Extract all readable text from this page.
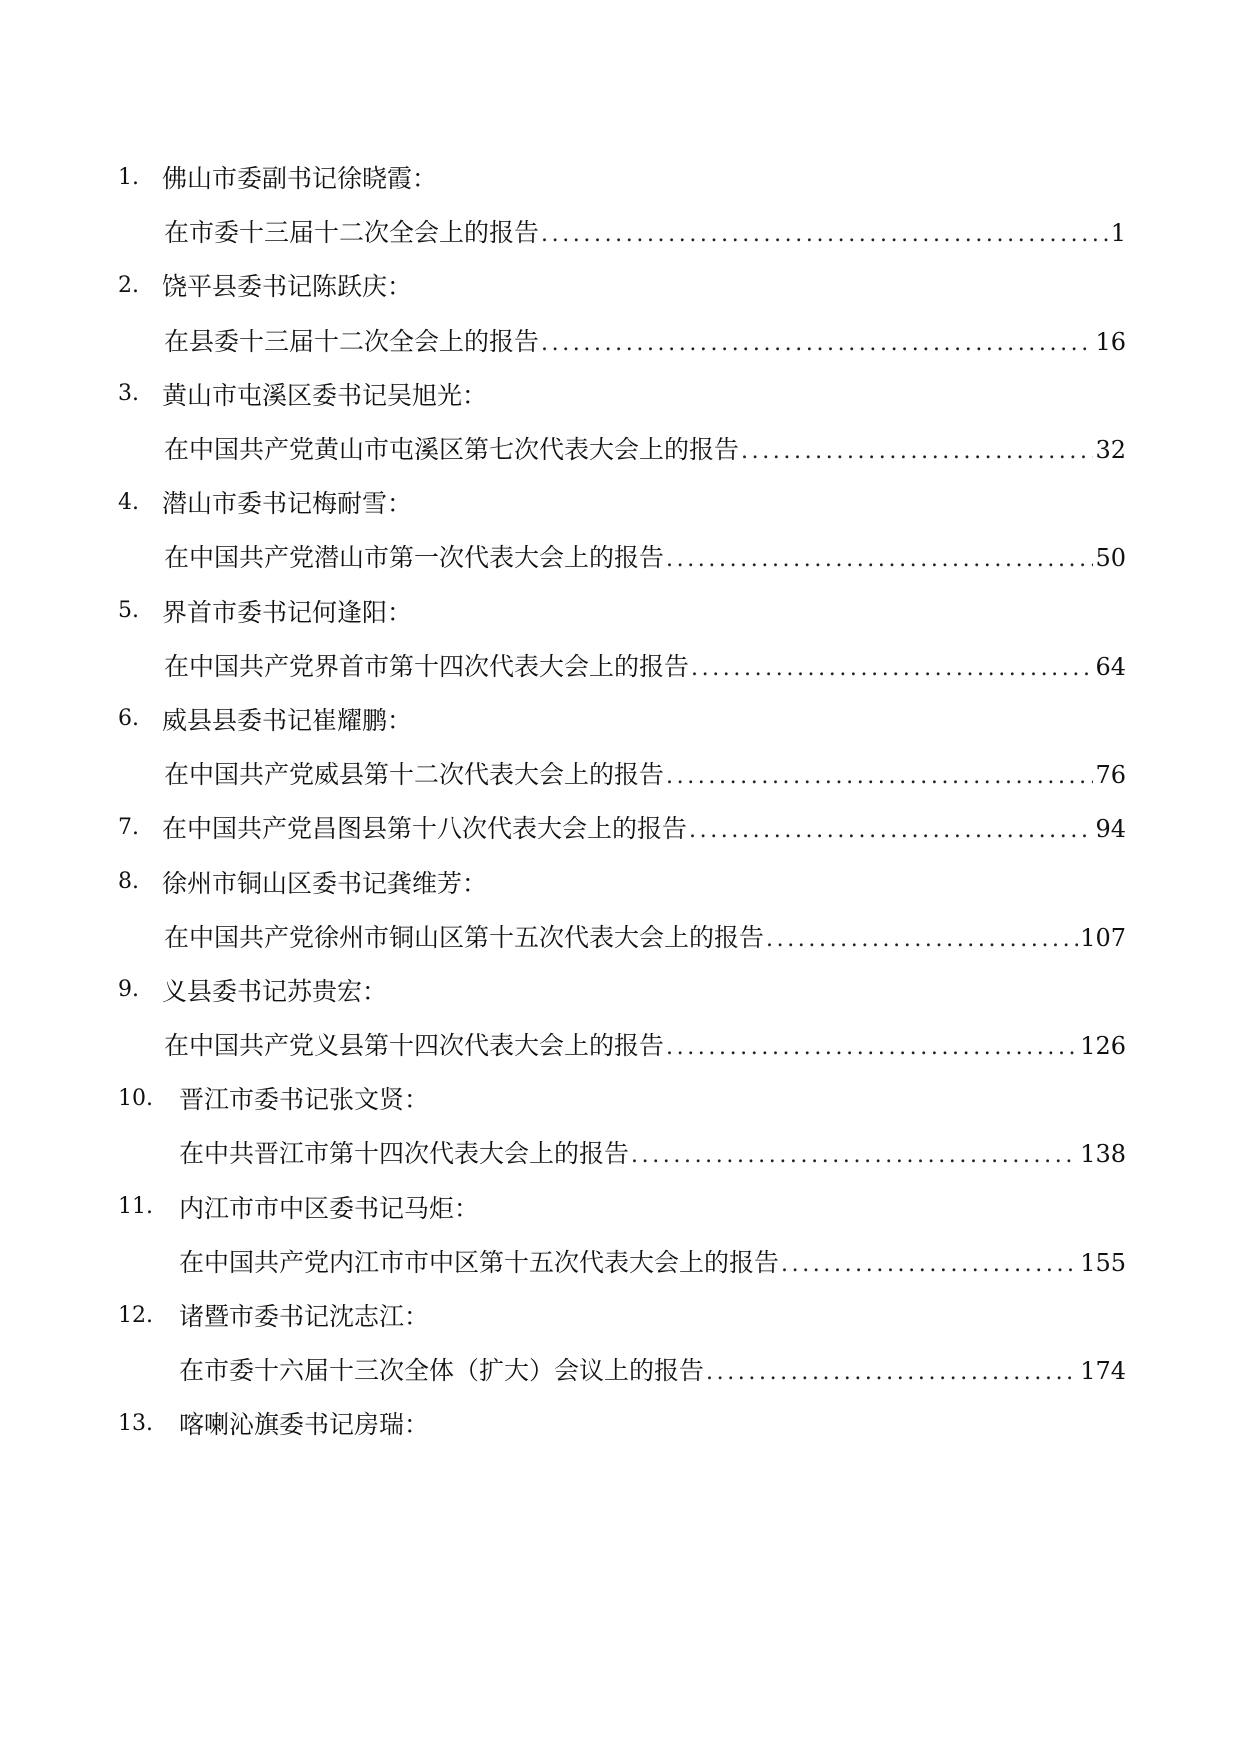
1. 佛山市委副书记徐晓霞：
在市委十三届十二次全会上的报告 .....	1
2. 饶平县委书记陈跃庆：
在县委十三届十二次全会上的报告 .....	16
3. 黄山市屯溪区委书记吴旭光：
在中国共产党黄山市屯溪区第七次代表大会上的报告 .....	32
4. 潜山市委书记梅耐雪：
在中国共产党潜山市第一次代表大会上的报告 .....	50
5. 界首市委书记何逢阳：
在中国共产党界首市第十四次代表大会上的报告 .....	64
6. 威县县委书记崔耀鹏：
在中国共产党威县第十二次代表大会上的报告 .....	76
7. 在中国共产党昌图县第十八次代表大会上的报告 .....	94
8. 徐州市铜山区委书记龚维芳：
在中国共产党徐州市铜山区第十五次代表大会上的报告 .....	107
9. 义县委书记苏贵宏：
在中国共产党义县第十四次代表大会上的报告 .....	126
10.	晋江市委书记张文贤：
在中共晋江市第十四次代表大会上的报告 .....	138
11.	内江市市中区委书记马炬：
在中国共产党内江市市中区第十五次代表大会上的报告 .....	155
12.	诸暨市委书记沈志江：
在市委十六届十三次全体（扩大）会议上的报告 .....	174
13.	喀喇沁旗委书记房瑞：
